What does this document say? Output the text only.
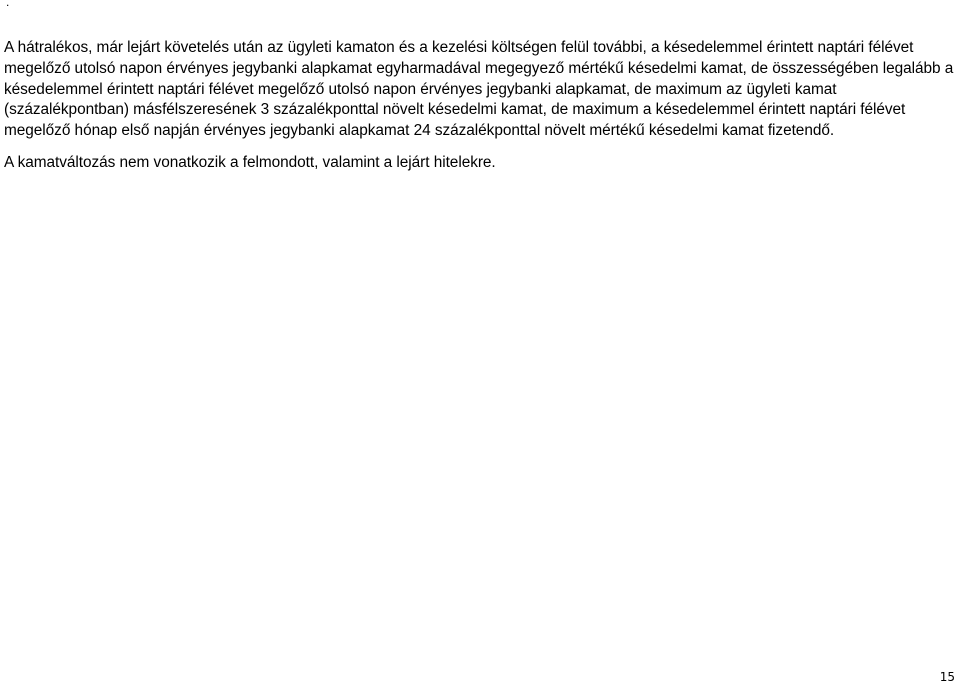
.

A hátralékos, már lejárt követelés után az ügyleti kamaton és a kezelési költségen felül további, a késedelemmel érintett naptári félévet megelőző utolsó napon érvényes jegybanki alapkamat egyharmadával megegyező mértékű késedelmi kamat, de összességében legalább a késedelemmel érintett naptári félévet megelőző utolsó napon érvényes jegybanki alapkamat, de maximum az ügyleti kamat (százalékpontban) másfélszeresének 3 százalékponttal növelt késedelmi kamat, de maximum a késedelemmel érintett naptári félévet megelőző hónap első napján érvényes jegybanki alapkamat 24 százalékponttal növelt mértékű késedelmi kamat fizetendő.

A kamatváltozás nem vonatkozik a felmondott, valamint a lejárt hitelekre.

15
